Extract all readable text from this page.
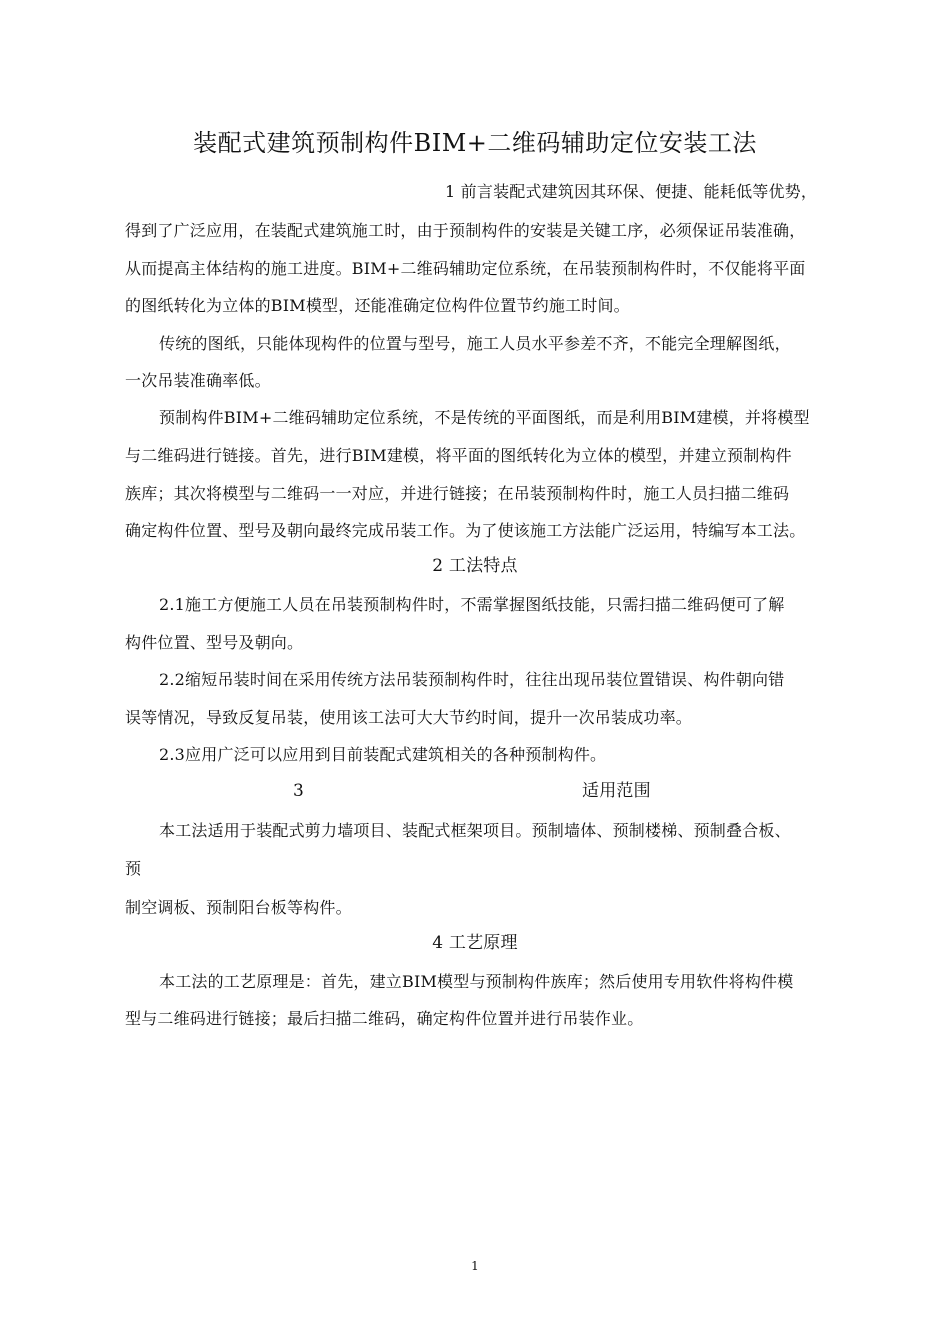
装配式建筑预制构件BIM+二维码辅助定位安装工法
1 前言装配式建筑因其环保、便捷、能耗低等优势，
得到了广泛应用，在装配式建筑施工时，由于预制构件的安装是关键工序，必须保证吊装准确，
从而提高主体结构的施工进度。BIM+二维码辅助定位系统，在吊装预制构件时，不仅能将平面
的图纸转化为立体的BIM模型，还能准确定位构件位置节约施工时间。
传统的图纸，只能体现构件的位置与型号，施工人员水平参差不齐，不能完全理解图纸，
一次吊装准确率低。
预制构件BIM+二维码辅助定位系统，不是传统的平面图纸，而是利用BIM建模，并将模型
与二维码进行链接。首先，进行BIM建模，将平面的图纸转化为立体的模型，并建立预制构件
族库；其次将模型与二维码一一对应，并进行链接；在吊装预制构件时，施工人员扫描二维码
确定构件位置、型号及朝向最终完成吊装工作。为了使该施工方法能广泛运用，特编写本工法。
2 工法特点
2.1施工方便施工人员在吊装预制构件时，不需掌握图纸技能，只需扫描二维码便可了解
构件位置、型号及朝向。
2.2缩短吊装时间在采用传统方法吊装预制构件时，往往出现吊装位置错误、构件朝向错
误等情况，导致反复吊装，使用该工法可大大节约时间，提升一次吊装成功率。
2.3应用广泛可以应用到目前装配式建筑相关的各种预制构件。
3	适用范围
本工法适用于装配式剪力墙项目、装配式框架项目。预制墙体、预制楼梯、预制叠合板、
预
制空调板、预制阳台板等构件。
4 工艺原理
本工法的工艺原理是：首先，建立BIM模型与预制构件族库；然后使用专用软件将构件模
型与二维码进行链接；最后扫描二维码，确定构件位置并进行吊装作业。
1
